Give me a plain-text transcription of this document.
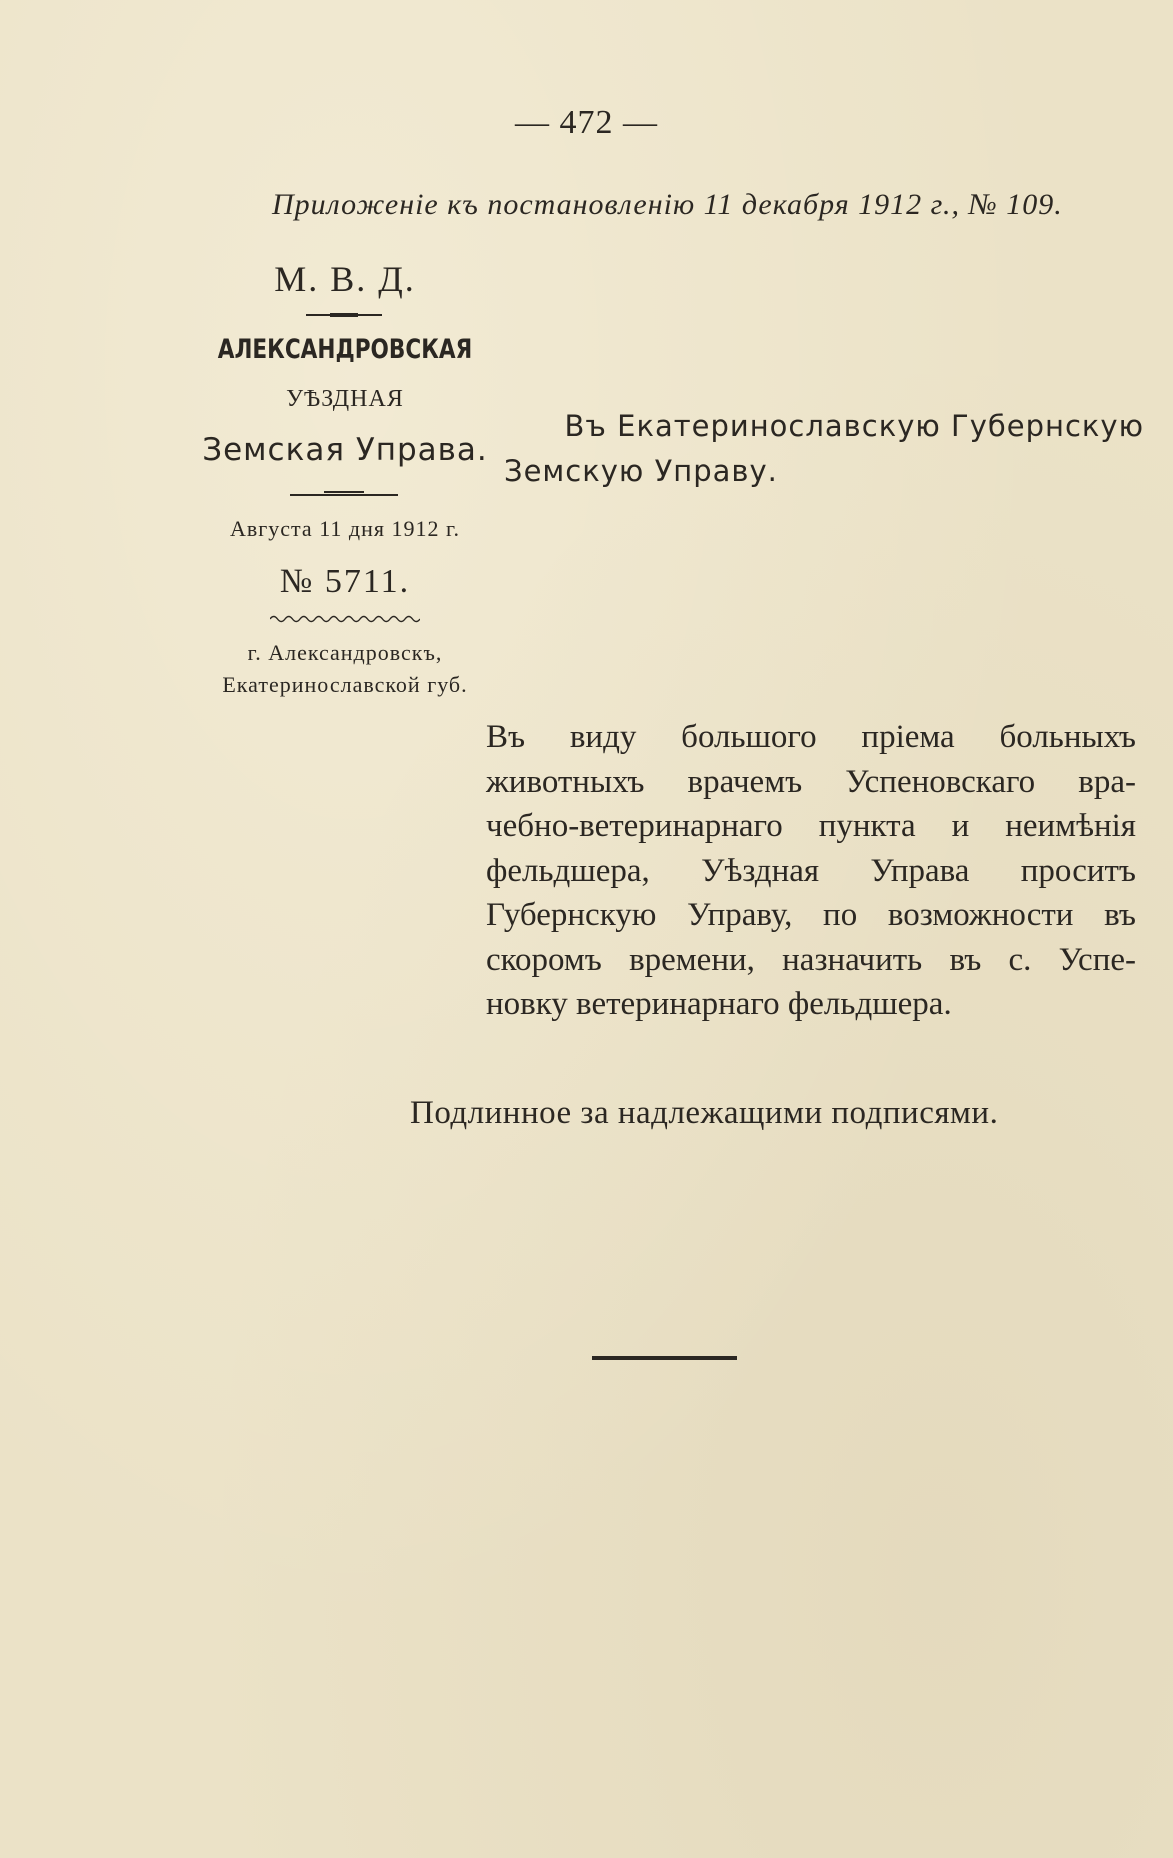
— 472 —
Приложеніе къ постановленію 11 декабря 1912 г., № 109.
М. В. Д.
АЛЕКСАНДРОВСКАЯ
УѢЗДНАЯ
Земская Управа.
Августа 11 дня 1912 г.
№ 5711.
г. Александровскъ,
Екатеринославской губ.
Въ Екатеринославскую Губернскую
Земскую Управу.
Въ виду большого пріема больныхъ
животныхъ врачемъ Успеновскаго вра-
чебно-ветеринарнаго пункта и неимѣнія
фельдшера, Уѣздная Управа проситъ
Губернскую Управу, по возможности въ
скоромъ времени, назначить въ с. Успе-
новку ветеринарнаго фельдшера.
Подлинное за надлежащими подписями.
